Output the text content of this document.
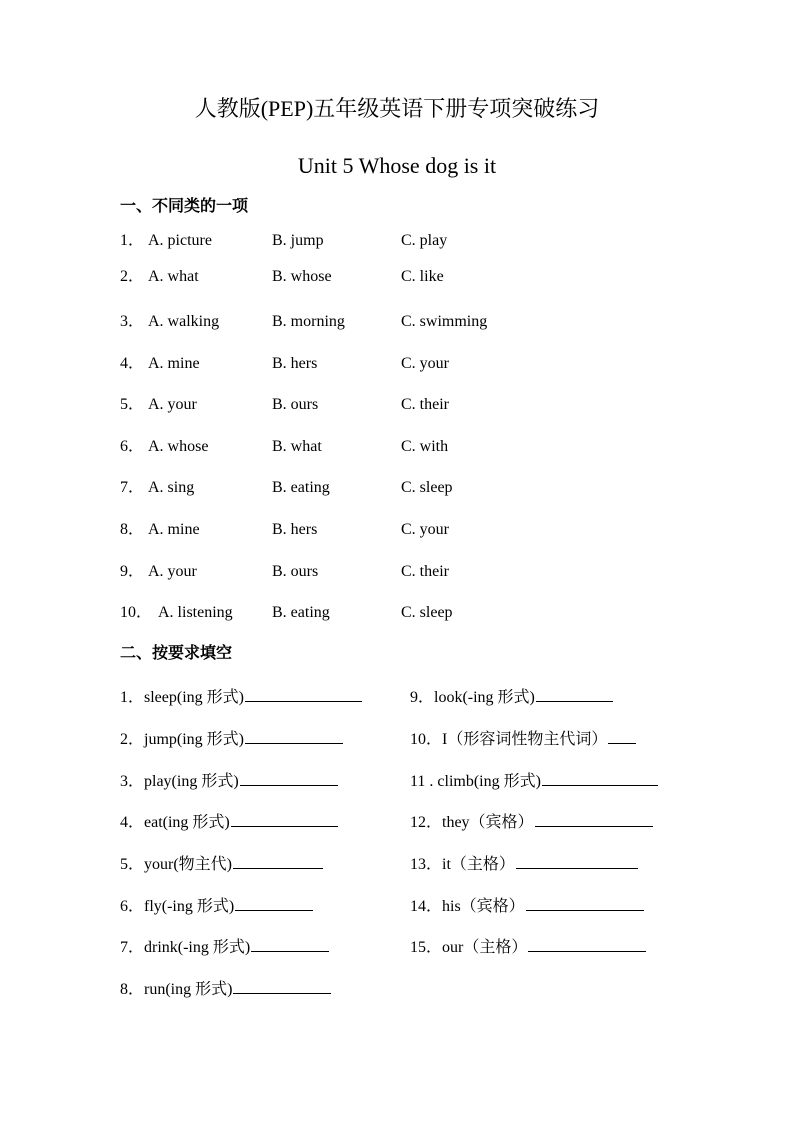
人教版(PEP)五年级英语下册专项突破练习
Unit 5 Whose dog is it
一、不同类的一项
1． A. picture	B. jump	C. play
2． A. what	B. whose	C. like
3． A. walking	B. morning	C. swimming
4． A. mine	B. hers	C. your
5． A. your	B. ours	C. their
6． A. whose	B. what	C. with
7． A. sing	B. eating	C. sleep
8． A. mine	B. hers	C. your
9． A. your	B. ours	C. their
10． A. listening B. eating	C. sleep
二、按要求填空
1．sleep(ing 形式)
2．jump(ing 形式)
3．play(ing 形式)
4．eat(ing 形式)
5．your(物主代)
6．fly(-ing 形式)
7．drink(-ing 形式)
8．run(ing 形式)
9．look(-ing 形式)
10．I（形容词性物主代词）
11 . climb(ing 形式)
12．they（宾格）
13．it（主格）
14．his（宾格）
15．our（主格）
